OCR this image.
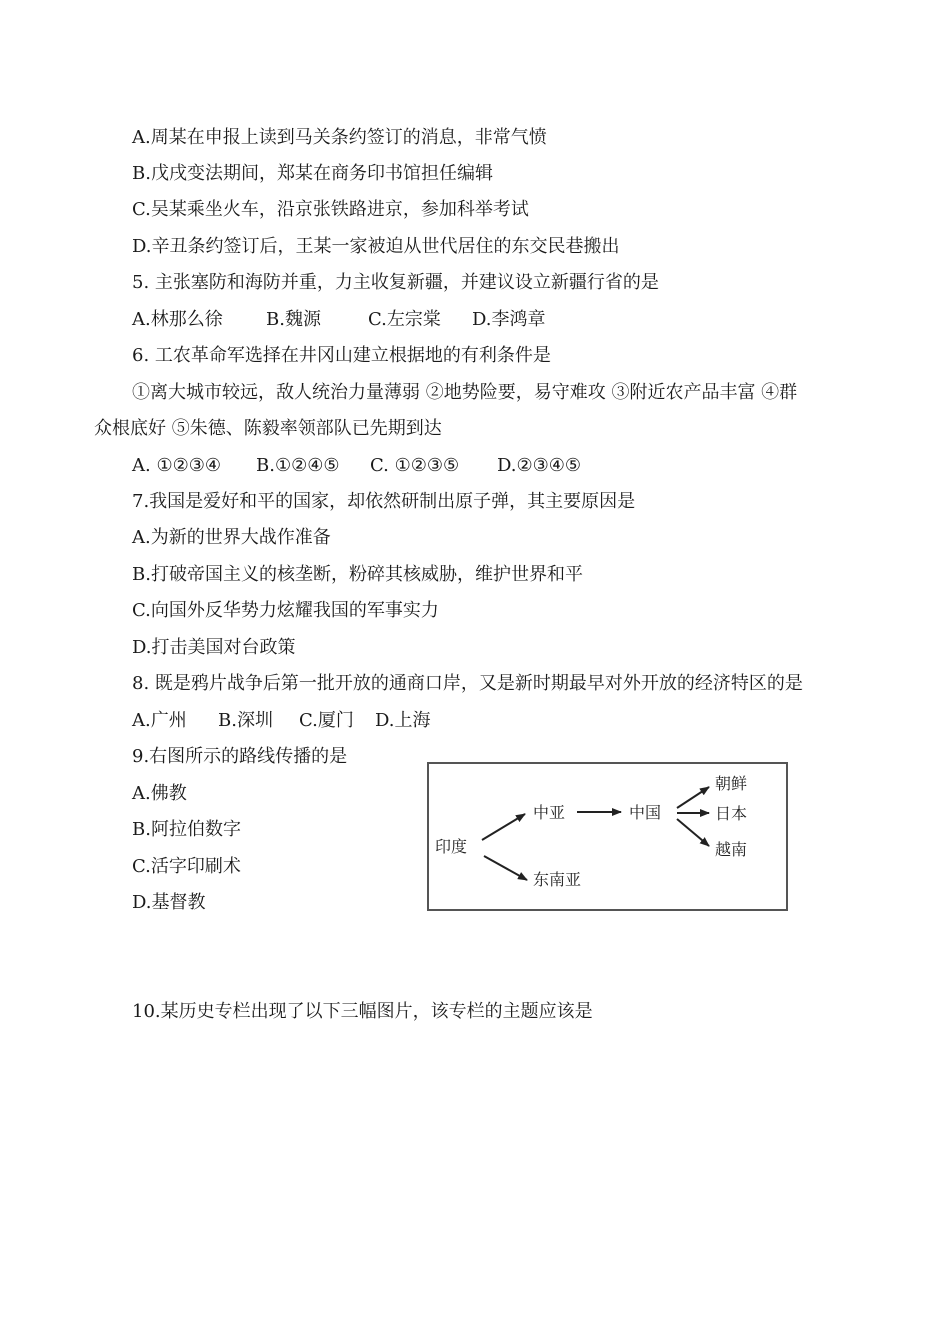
A.周某在申报上读到马关条约签订的消息，非常气愤
B.戊戌变法期间，郑某在商务印书馆担任编辑
C.吴某乘坐火车，沿京张铁路进京，参加科举考试
D.辛丑条约签订后，王某一家被迫从世代居住的东交民巷搬出
5. 主张塞防和海防并重，力主收复新疆，并建议设立新疆行省的是
A.林那么徐 B.魏源	C.左宗棠 D.李鸿章
6. 工农革命军选择在井冈山建立根据地的有利条件是
①离大城市较远，敌人统治力量薄弱 ②地势险要，易守难攻 ③附近农产品丰富 ④群
众根底好 ⑤朱德、陈毅率领部队已先期到达
A. ①②③④ B.①②④⑤ C. ①②③⑤ D.②③④⑤
7.我国是爱好和平的国家，却依然研制出原子弹，其主要原因是
A.为新的世界大战作准备
B.打破帝国主义的核垄断，粉碎其核威胁，维护世界和平
C.向国外反华势力炫耀我国的军事实力
D.打击美国对台政策
8. 既是鸦片战争后第一批开放的通商口岸，又是新时期最早对外开放的经济特区的是
A.广州 B.深圳 C.厦门 D.上海
9.右图所示的路线传播的是
A.佛教
B.阿拉伯数字
C.活字印刷术
D.基督教
印度
中亚	中国
朝鲜
日本
越南
东南亚
10.某历史专栏出现了以下三幅图片，该专栏的主题应该是
